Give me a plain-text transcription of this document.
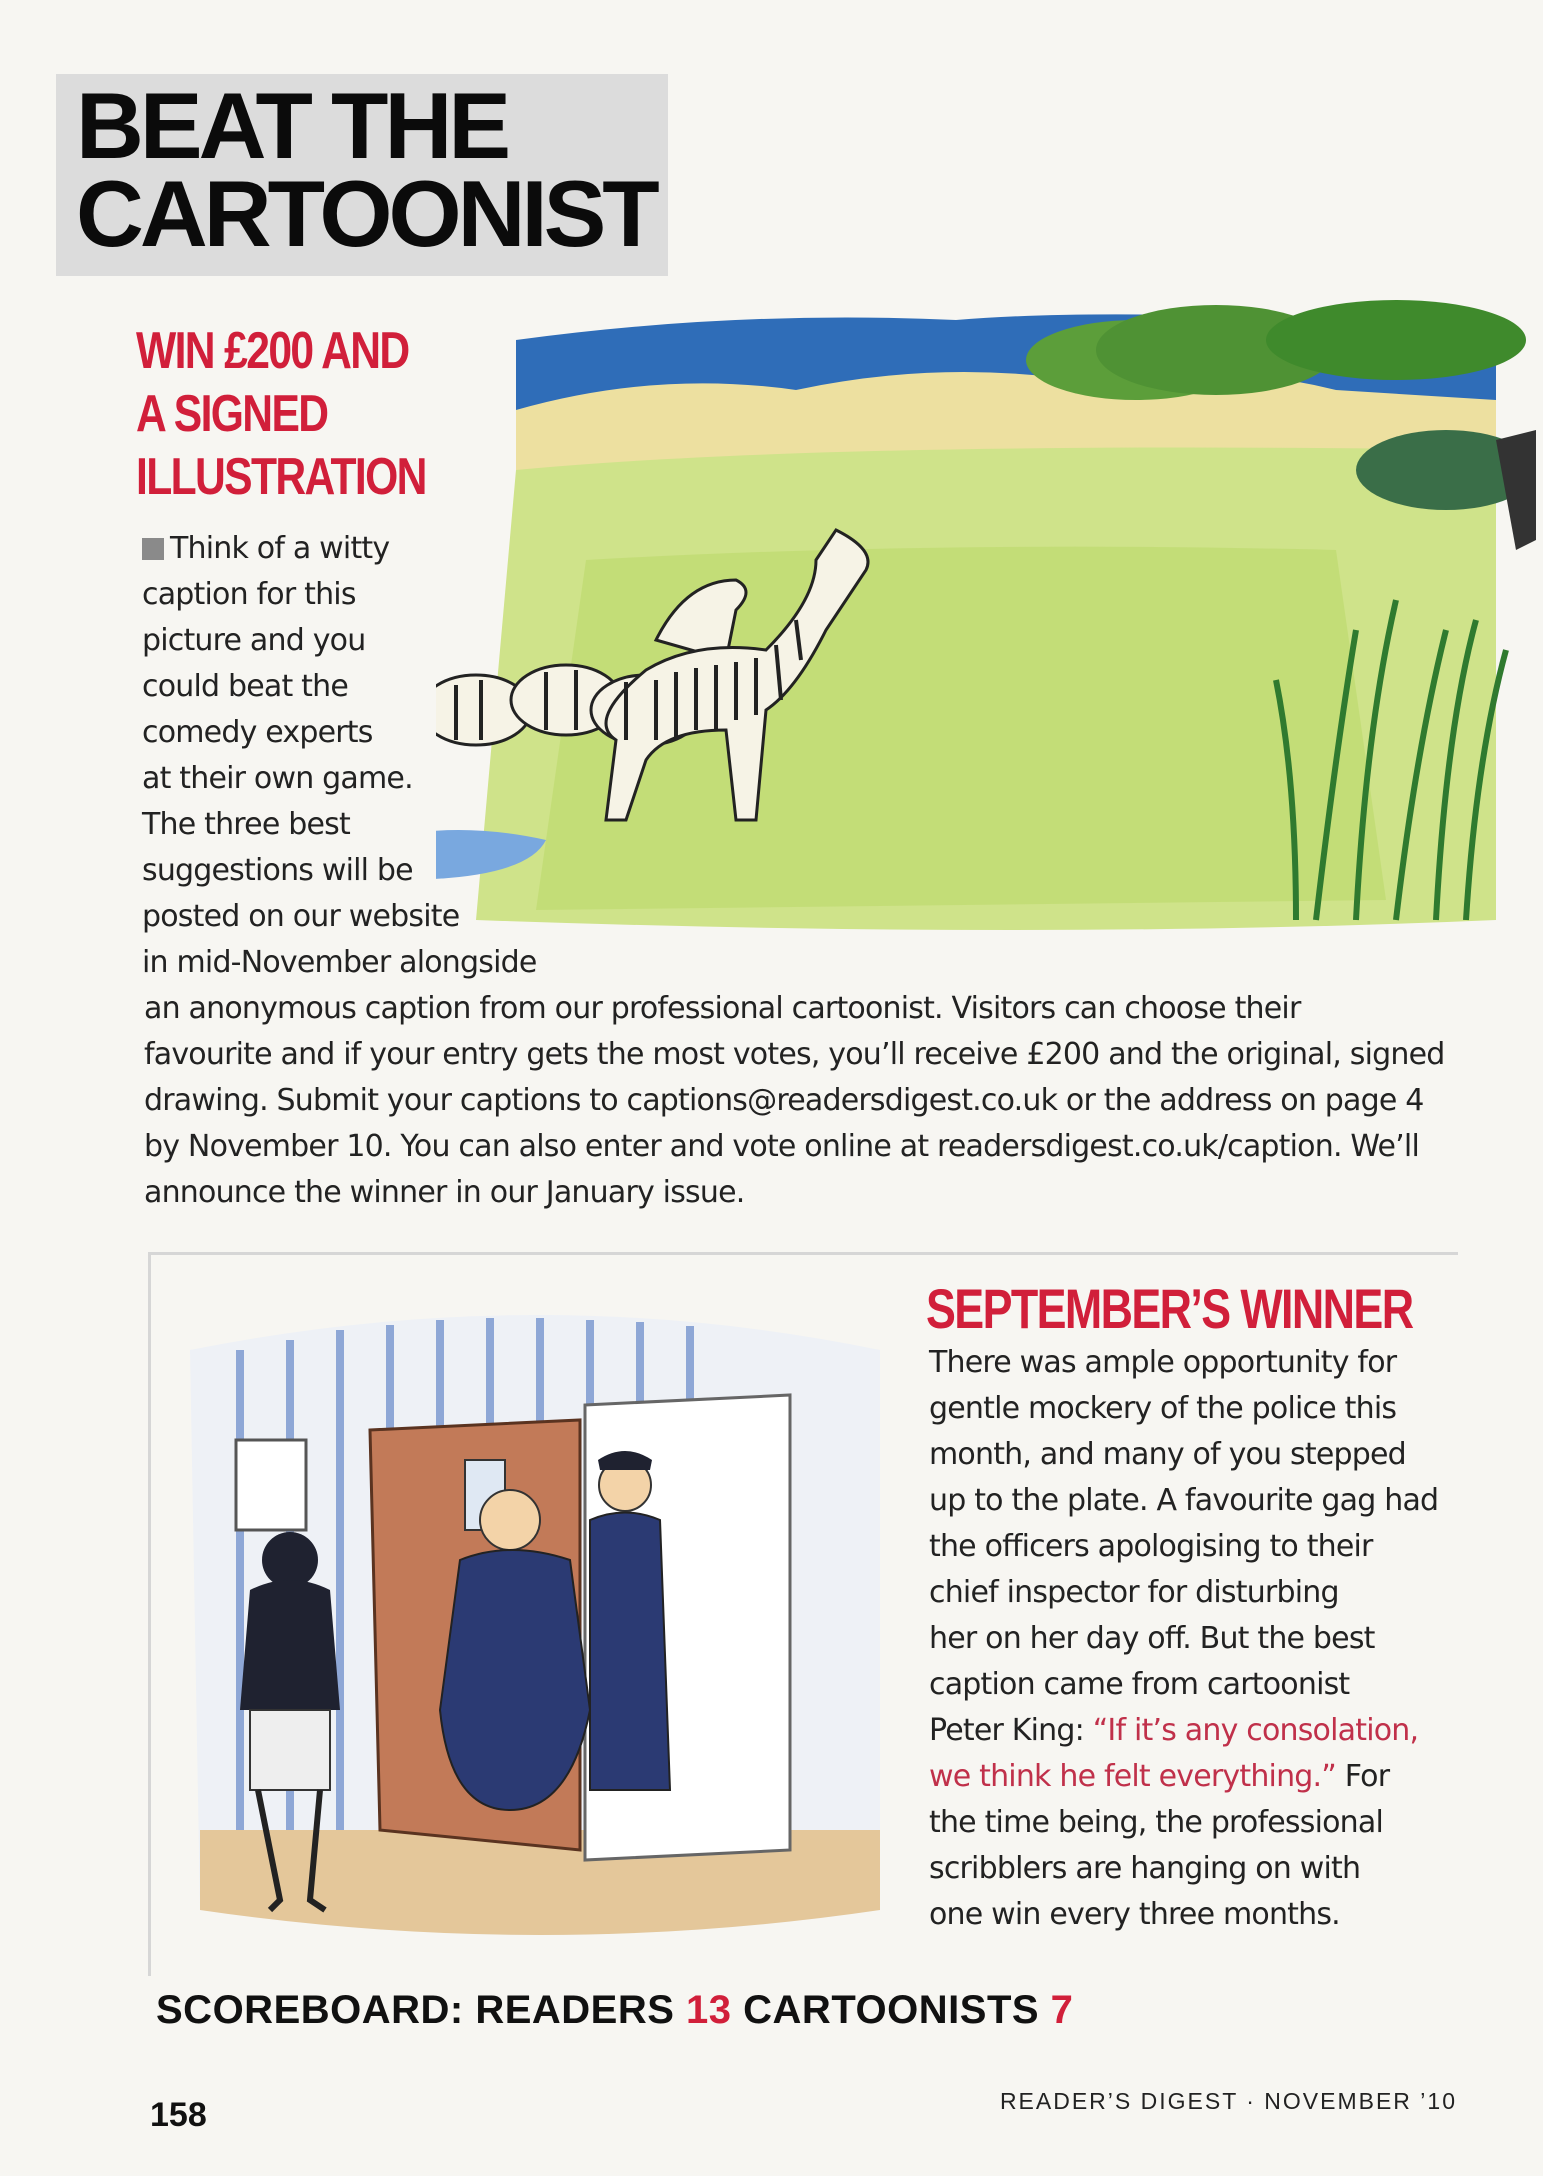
BEAT THE
CARTOONIST
WIN £200 AND
A SIGNED
ILLUSTRATION
Think of a witty
caption for this
picture and you
could beat the
comedy experts
at their own game.
The three best
suggestions will be
posted on our website
in mid-November alongside
an anonymous caption from our professional cartoonist. Visitors can choose their
favourite and if your entry gets the most votes, you’ll receive £200 and the original, signed
drawing. Submit your captions to captions@readersdigest.co.uk or the address on page 4
by November 10. You can also enter and vote online at readersdigest.co.uk/caption. We’ll
announce the winner in our January issue.
SEPTEMBER’S WINNER
There was ample opportunity for
gentle mockery of the police this
month, and many of you stepped
up to the plate. A favourite gag had
the officers apologising to their
chief inspector for disturbing
her on her day off. But the best
caption came from cartoonist
Peter King: “If it’s any consolation,
we think he felt everything.” For
the time being, the professional
scribblers are hanging on with
one win every three months.

SCOREBOARD: READERS 13 CARTOONISTS 7

158	READER’S DIGEST · NOVEMBER ’10
